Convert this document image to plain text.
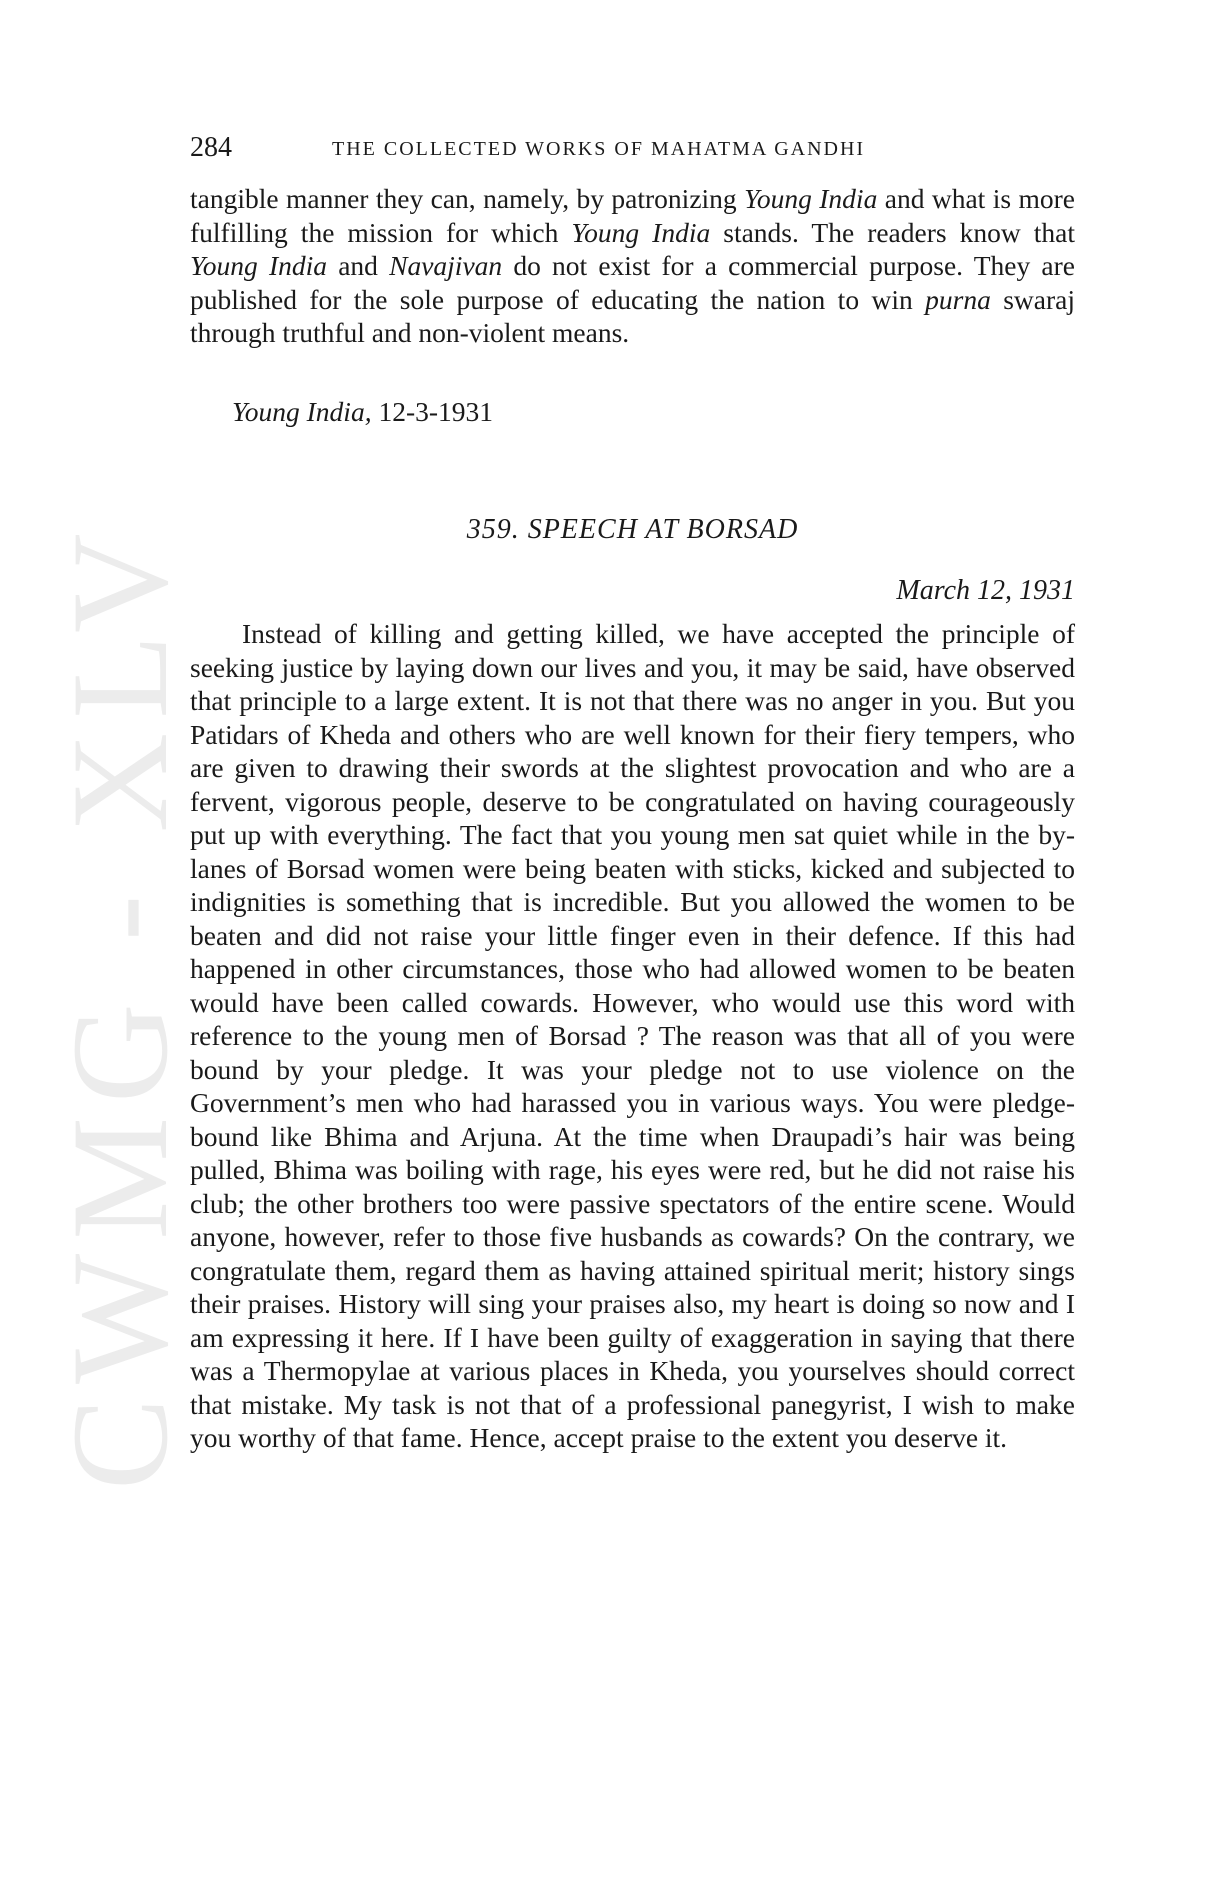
CWMG - XLV
284	THE COLLECTED WORKS OF MAHATMA GANDHI

tangible manner they can, namely, by patronizing Young India and what is more fulfilling the mission for which Young India stands. The readers know that Young India and Navajivan do not exist for a commercial purpose. They are published for the sole purpose of educating the nation to win purna swaraj through truthful and non-violent means.

Young India, 12-3-1931
359. SPEECH AT BORSAD
March 12, 1931

Instead of killing and getting killed, we have accepted the principle of seeking justice by laying down our lives and you, it may be said, have observed that principle to a large extent. It is not that there was no anger in you. But you Patidars of Kheda and others who are well known for their fiery tempers, who are given to drawing their swords at the slightest provocation and who are a fervent, vigorous people, deserve to be congratulated on having courageously put up with everything. The fact that you young men sat quiet while in the by-lanes of Borsad women were being beaten with sticks, kicked and subjected to indignities is something that is incredible. But you allowed the women to be beaten and did not raise your little finger even in their defence. If this had happened in other circumstances, those who had allowed women to be beaten would have been called cowards. However, who would use this word with reference to the young men of Borsad ? The reason was that all of you were bound by your pledge. It was your pledge not to use violence on the Government’s men who had harassed you in various ways. You were pledge-bound like Bhima and Arjuna. At the time when Draupadi’s hair was being pulled, Bhima was boiling with rage, his eyes were red, but he did not raise his club; the other brothers too were passive spectators of the entire scene. Would anyone, however, refer to those five husbands as cowards? On the contrary, we congratulate them, regard them as having attained spiritual merit; history sings their praises. History will sing your praises also, my heart is doing so now and I am expressing it here. If I have been guilty of exaggeration in saying that there was a Thermopylae at various places in Kheda, you yourselves should correct that mistake. My task is not that of a professional panegyrist, I wish to make you worthy of that fame. Hence, accept praise to the extent you deserve it.
